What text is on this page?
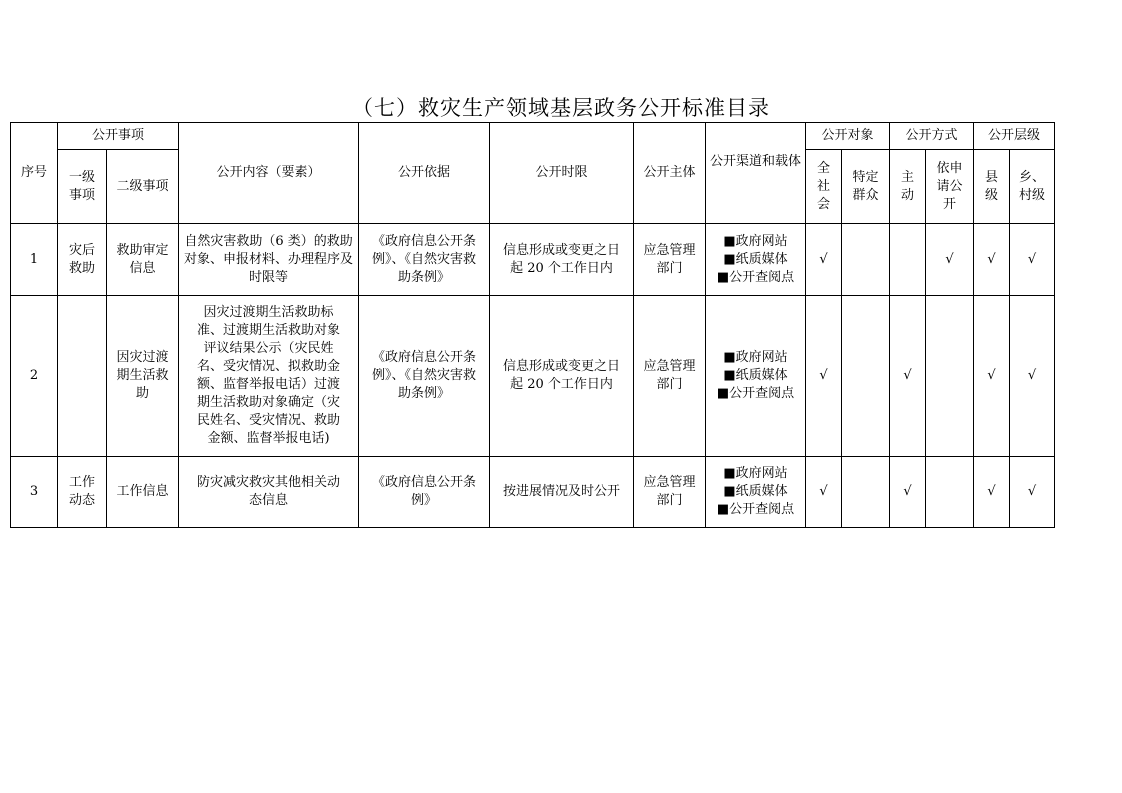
（七）救灾生产领域基层政务公开标准目录
序号	公开事项		公开内容（要素）	公开依据	公开时限	公开主体	公开渠道和载体	公开对象		公开方式		公开层级	
	一级事项	二级事项						全社会	特定群众	主动	依申请公开	县级	乡、村级
1	灾后救助	救助审定信息	自然灾害救助（6 类）的救助对象、申报材料、办理程序及时限等	《政府信息公开条例》、《自然灾害救助条例》	信息形成或变更之日起 20 个工作日内	应急管理部门	■政府网站
■纸质媒体
■公开查阅点	√			√	√	√
2		因灾过渡期生活救助	因灾过渡期生活救助标准、过渡期生活救助对象评议结果公示（灾民姓名、受灾情况、拟救助金额、监督举报电话）过渡期生活救助对象确定（灾民姓名、受灾情况、救助金额、监督举报电话)	《政府信息公开条例》、《自然灾害救助条例》	信息形成或变更之日起 20 个工作日内	应急管理部门	■政府网站
■纸质媒体
■公开查阅点	√		√		√	√
3	工作动态	工作信息	防灾减灾救灾其他相关动态信息	《政府信息公开条例》	按进展情况及时公开	应急管理部门	■政府网站
■纸质媒体
■公开查阅点	√		√		√	√
